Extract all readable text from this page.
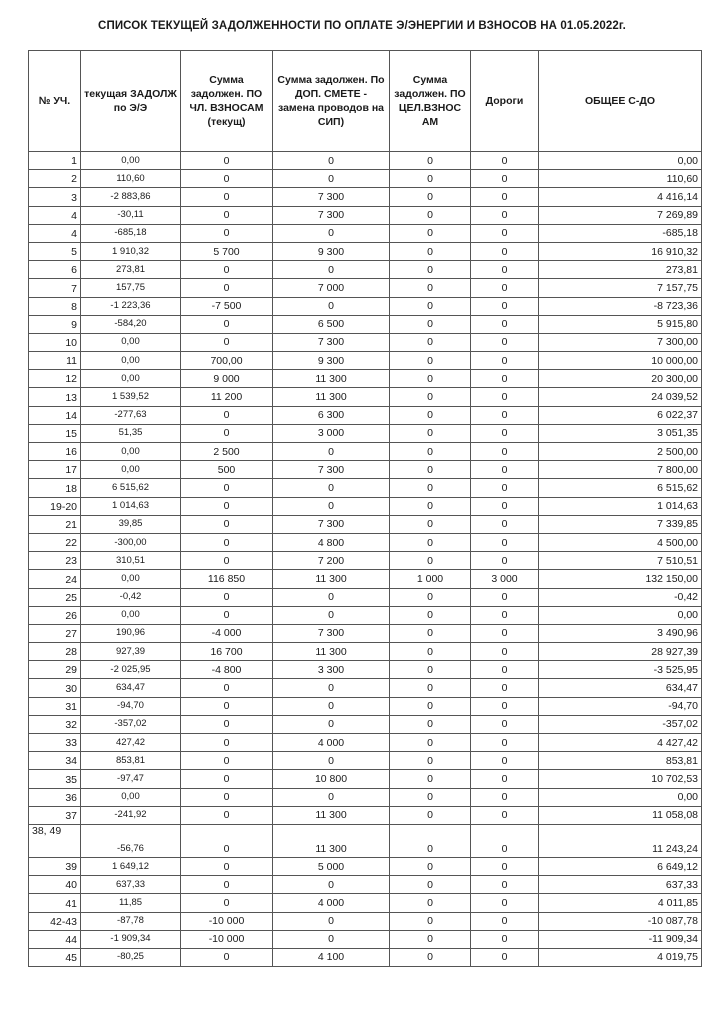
СПИСОК ТЕКУЩЕЙ ЗАДОЛЖЕННОСТИ ПО ОПЛАТЕ Э/ЭНЕРГИИ И ВЗНОСОВ НА 01.05.2022г.
№ УЧ.	текущая ЗАДОЛЖ по Э/Э	Сумма задолжен. ПО ЧЛ. ВЗНОСАМ (текущ)	Сумма задолжен. По ДОП. СМЕТЕ - замена проводов на СИП)	Сумма задолжен. ПО ЦЕЛ.ВЗНОС АМ	Дороги	ОБЩЕЕ С-ДО
1	0,00	0	0	0	0	0,00
2	110,60	0	0	0	0	110,60
3	-2 883,86	0	7 300	0	0	4 416,14
4	-30,11	0	7 300	0	0	7 269,89
4	-685,18	0	0	0	0	-685,18
5	1 910,32	5 700	9 300	0	0	16 910,32
6	273,81	0	0	0	0	273,81
7	157,75	0	7 000	0	0	7 157,75
8	-1 223,36	-7 500	0	0	0	-8 723,36
9	-584,20	0	6 500	0	0	5 915,80
10	0,00	0	7 300	0	0	7 300,00
11	0,00	700,00	9 300	0	0	10 000,00
12	0,00	9 000	11 300	0	0	20 300,00
13	1 539,52	11 200	11 300	0	0	24 039,52
14	-277,63	0	6 300	0	0	6 022,37
15	51,35	0	3 000	0	0	3 051,35
16	0,00	2 500	0	0	0	2 500,00
17	0,00	500	7 300	0	0	7 800,00
18	6 515,62	0	0	0	0	6 515,62
19-20	1 014,63	0	0	0	0	1 014,63
21	39,85	0	7 300	0	0	7 339,85
22	-300,00	0	4 800	0	0	4 500,00
23	310,51	0	7 200	0	0	7 510,51
24	0,00	116 850	11 300	1 000	3 000	132 150,00
25	-0,42	0	0	0	0	-0,42
26	0,00	0	0	0	0	0,00
27	190,96	-4 000	7 300	0	0	3 490,96
28	927,39	16 700	11 300	0	0	28 927,39
29	-2 025,95	-4 800	3 300	0	0	-3 525,95
30	634,47	0	0	0	0	634,47
31	-94,70	0	0	0	0	-94,70
32	-357,02	0	0	0	0	-357,02
33	427,42	0	4 000	0	0	4 427,42
34	853,81	0	0	0	0	853,81
35	-97,47	0	10 800	0	0	10 702,53
36	0,00	0	0	0	0	0,00
37	-241,92	0	11 300	0	0	11 058,08
38, 49	-56,76	0	11 300	0	0	11 243,24
39	1 649,12	0	5 000	0	0	6 649,12
40	637,33	0	0	0	0	637,33
41	11,85	0	4 000	0	0	4 011,85
42-43	-87,78	-10 000	0	0	0	-10 087,78
44	-1 909,34	-10 000	0	0	0	-11 909,34
45	-80,25	0	4 100	0	0	4 019,75
